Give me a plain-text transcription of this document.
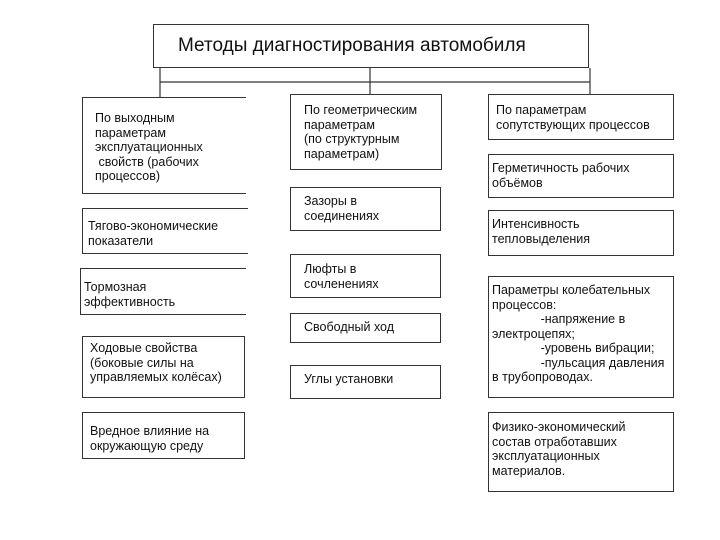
Методы диагностирования автомобиля
По выходным
параметрам
эксплуатационных
свойств (рабочих
процессов)
Тягово-экономические
показатели
Тормозная
эффективность
Ходовые свойства
(боковые силы на
управляемых колёсах)
Вредное влияние на
окружающую среду
По геометрическим
параметрам
(по структурным
параметрам)
Зазоры в
соединениях
Люфты в
сочленениях
Свободный ход
Углы установки
По параметрам
сопутствующих процессов
Герметичность рабочих
объёмов
Интенсивность
тепловыделения
Параметры колебательных
процессов:
-напряжение в
электроцепях;
-уровень вибрации;
-пульсация давления
в трубопроводах.
Физико-экономический
состав отработавших
эксплуатационных
материалов.
